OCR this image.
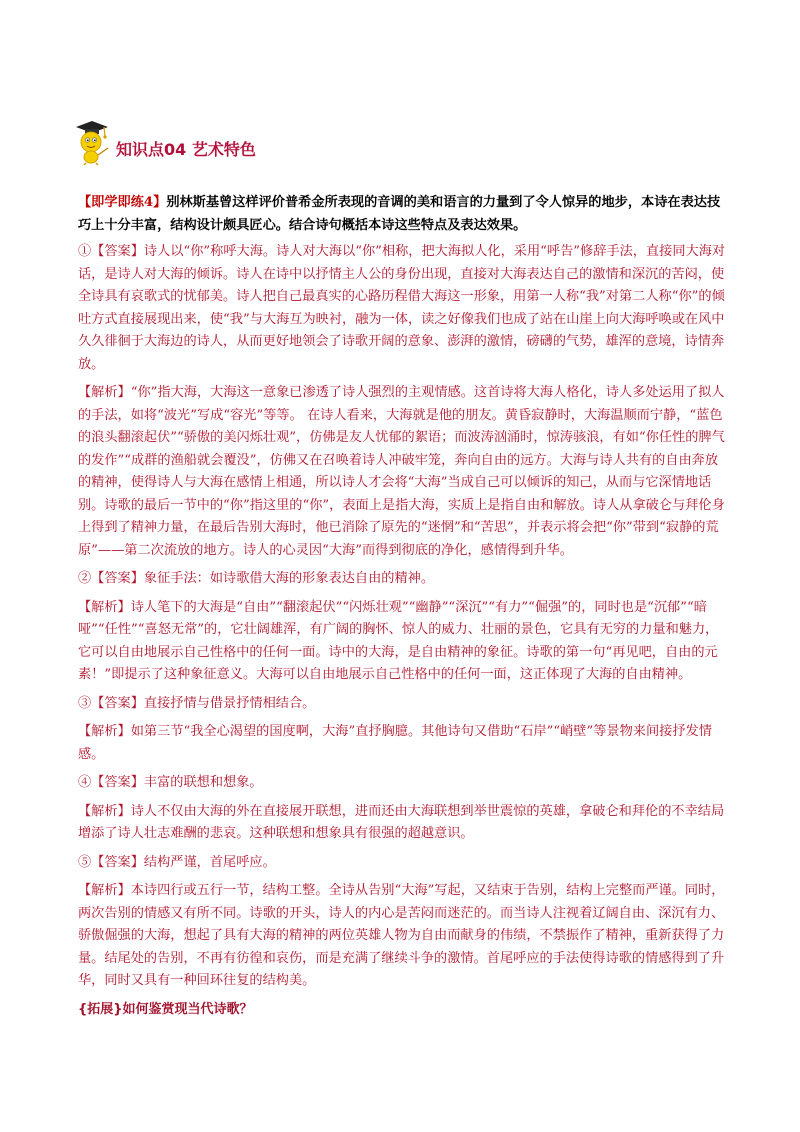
知识点04 艺术特色

【即学即练4】别林斯基曾这样评价普希金所表现的音调的美和语言的力量到了令人惊异的地步，本诗在表达技巧上十分丰富，结构设计颇具匠心。结合诗句概括本诗这些特点及表达效果。

①【答案】诗人以“你”称呼大海。诗人对大海以“你”相称，把大海拟人化，采用“呼告”修辞手法，直接同大海对话，是诗人对大海的倾诉。诗人在诗中以抒情主人公的身份出现，直接对大海表达自己的激情和深沉的苦闷，使全诗具有哀歌式的忧郁美。诗人把自己最真实的心路历程借大海这一形象，用第一人称“我”对第二人称“你”的倾吐方式直接展现出来，使“我”与大海互为映衬，融为一体，读之好像我们也成了站在山崖上向大海呼唤或在风中久久徘徊于大海边的诗人，从而更好地领会了诗歌开阔的意象、澎湃的激情，磅礴的气势，雄浑的意境，诗情奔放。

【解析】“你”指大海，大海这一意象已渗透了诗人强烈的主观情感。这首诗将大海人格化，诗人多处运用了拟人的手法，如将“波光”写成“容光”等等。 在诗人看来，大海就是他的朋友。黄昏寂静时，大海温顺而宁静，“蓝色的浪头翻滚起伏”“骄傲的美闪烁壮观”，仿佛是友人忧郁的絮语；而波涛汹涌时，惊涛骇浪，有如“你任性的脾气的发作”“成群的渔船就会覆没”，仿佛又在召唤着诗人冲破牢笼，奔向自由的远方。大海与诗人共有的自由奔放的精神，使得诗人与大海在感情上相通，所以诗人才会将“大海”当成自己可以倾诉的知己，从而与它深情地话别。诗歌的最后一节中的“你”指这里的“你”，表面上是指大海，实质上是指自由和解放。诗人从拿破仑与拜伦身上得到了精神力量，在最后告别大海时，他已消除了原先的“迷惘”和“苦思”，并表示将会把“你”带到“寂静的荒原”——第二次流放的地方。诗人的心灵因“大海”而得到彻底的净化，感情得到升华。

②【答案】象征手法：如诗歌借大海的形象表达自由的精神。

【解析】诗人笔下的大海是“自由”“翻滚起伏”“闪烁壮观”“幽静”“深沉”“有力”“倔强”的，同时也是“沉郁”“暗哑”“任性”“喜怒无常”的，它壮阔雄浑，有广阔的胸怀、惊人的威力、壮丽的景色，它具有无穷的力量和魅力，它可以自由地展示自己性格中的任何一面。诗中的大海，是自由精神的象征。诗歌的第一句“再见吧，自由的元素！”即提示了这种象征意义。大海可以自由地展示自己性格中的任何一面，这正体现了大海的自由精神。

③【答案】直接抒情与借景抒情相结合。

【解析】如第三节“我全心渴望的国度啊，大海”直抒胸臆。其他诗句又借助“石岸”“峭壁”等景物来间接抒发情感。

④【答案】丰富的联想和想象。

【解析】诗人不仅由大海的外在直接展开联想，进而还由大海联想到举世震惊的英雄，拿破仑和拜伦的不幸结局增添了诗人壮志难酬的悲哀。这种联想和想象具有很强的超越意识。

⑤【答案】结构严谨，首尾呼应。

【解析】本诗四行或五行一节，结构工整。全诗从告别“大海”写起，又结束于告别，结构上完整而严谨。同时，两次告别的情感又有所不同。诗歌的开头，诗人的内心是苦闷而迷茫的。而当诗人注视着辽阔自由、深沉有力、骄傲倔强的大海，想起了具有大海的精神的两位英雄人物为自由而献身的伟绩，不禁振作了精神，重新获得了力量。结尾处的告别，不再有彷徨和哀伤，而是充满了继续斗争的激情。首尾呼应的手法使得诗歌的情感得到了升华，同时又具有一种回环往复的结构美。

{拓展}如何鉴赏现当代诗歌？
